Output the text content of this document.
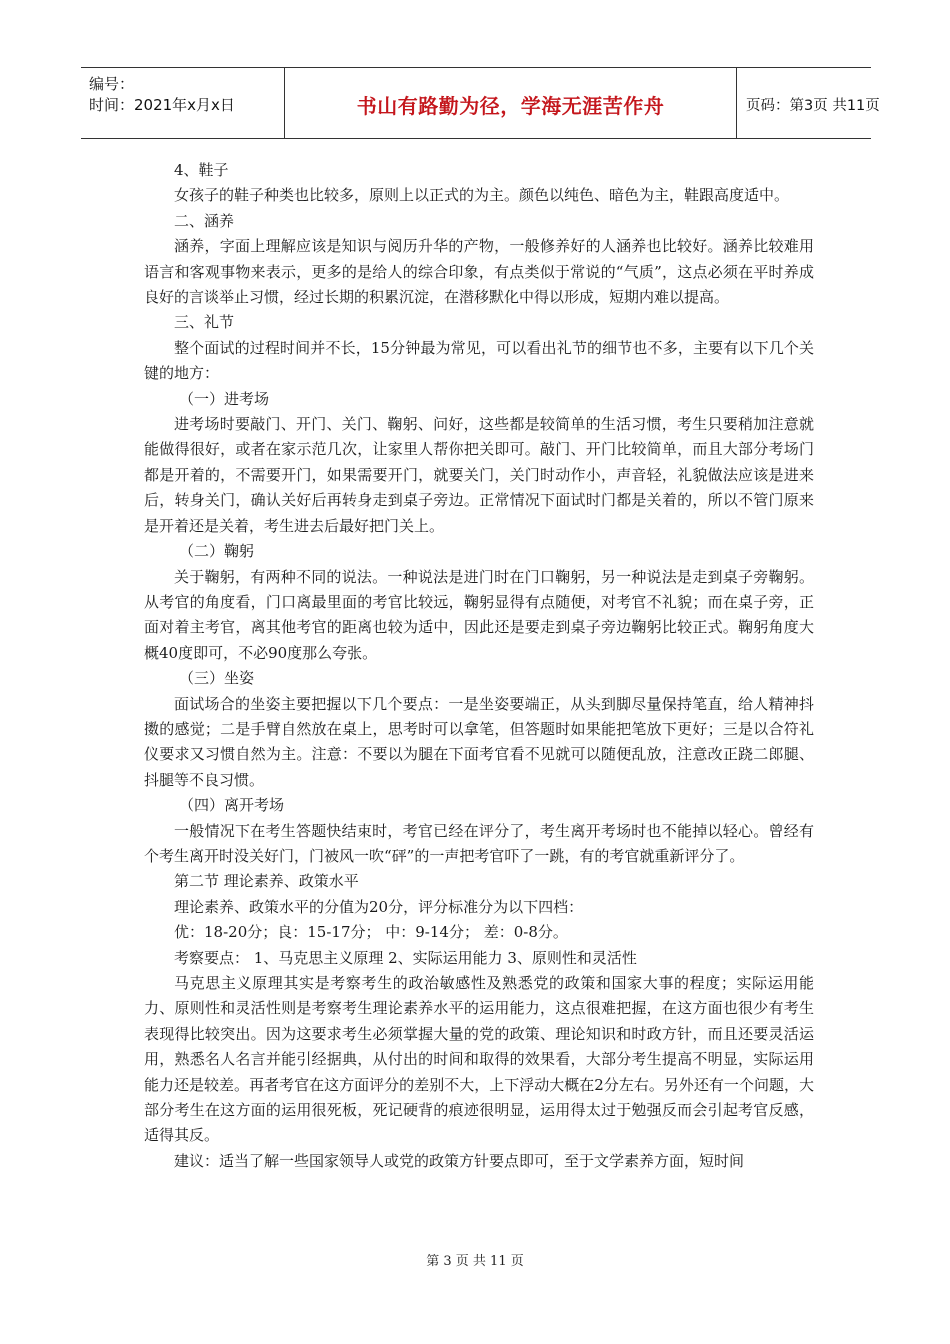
编号：
时间：2021年x月x日	书山有路勤为径，学海无涯苦作舟	页码：第3页 共11页

4、鞋子

女孩子的鞋子种类也比较多，原则上以正式的为主。颜色以纯色、暗色为主，鞋跟高度适中。

二、涵养

涵养，字面上理解应该是知识与阅历升华的产物，一般修养好的人涵养也比较好。涵养比较难用语言和客观事物来表示，更多的是给人的综合印象，有点类似于常说的“气质”，这点必须在平时养成良好的言谈举止习惯，经过长期的积累沉淀，在潜移默化中得以形成，短期内难以提高。

三、礼节

整个面试的过程时间并不长，15分钟最为常见，可以看出礼节的细节也不多，主要有以下几个关键的地方：

（一）进考场

进考场时要敲门、开门、关门、鞠躬、问好，这些都是较简单的生活习惯，考生只要稍加注意就能做得很好，或者在家示范几次，让家里人帮你把关即可。敲门、开门比较简单，而且大部分考场门都是开着的，不需要开门，如果需要开门，就要关门，关门时动作小，声音轻，礼貌做法应该是进来后，转身关门，确认关好后再转身走到桌子旁边。正常情况下面试时门都是关着的，所以不管门原来是开着还是关着，考生进去后最好把门关上。

（二）鞠躬

关于鞠躬，有两种不同的说法。一种说法是进门时在门口鞠躬，另一种说法是走到桌子旁鞠躬。从考官的角度看，门口离最里面的考官比较远，鞠躬显得有点随便，对考官不礼貌；而在桌子旁，正面对着主考官，离其他考官的距离也较为适中，因此还是要走到桌子旁边鞠躬比较正式。鞠躬角度大概40度即可，不必90度那么夸张。

（三）坐姿

面试场合的坐姿主要把握以下几个要点：一是坐姿要端正，从头到脚尽量保持笔直，给人精神抖擞的感觉；二是手臂自然放在桌上，思考时可以拿笔，但答题时如果能把笔放下更好；三是以合符礼仪要求又习惯自然为主。注意：不要以为腿在下面考官看不见就可以随便乱放，注意改正跷二郎腿、抖腿等不良习惯。

（四）离开考场

一般情况下在考生答题快结束时，考官已经在评分了，考生离开考场时也不能掉以轻心。曾经有个考生离开时没关好门，门被风一吹“砰”的一声把考官吓了一跳，有的考官就重新评分了。

第二节 理论素养、政策水平

理论素养、政策水平的分值为20分，评分标准分为以下四档：

优：18-20分；良：15-17分； 中：9-14分； 差：0-8分。

考察要点： 1、马克思主义原理 2、实际运用能力 3、原则性和灵活性

马克思主义原理其实是考察考生的政治敏感性及熟悉党的政策和国家大事的程度；实际运用能力、原则性和灵活性则是考察考生理论素养水平的运用能力，这点很难把握，在这方面也很少有考生表现得比较突出。因为这要求考生必须掌握大量的党的政策、理论知识和时政方针，而且还要灵活运用，熟悉名人名言并能引经据典，从付出的时间和取得的效果看，大部分考生提高不明显，实际运用能力还是较差。再者考官在这方面评分的差别不大，上下浮动大概在2分左右。另外还有一个问题，大部分考生在这方面的运用很死板，死记硬背的痕迹很明显，运用得太过于勉强反而会引起考官反感，适得其反。

建议：适当了解一些国家领导人或党的政策方针要点即可，至于文学素养方面，短时间

第 3 页 共 11 页
